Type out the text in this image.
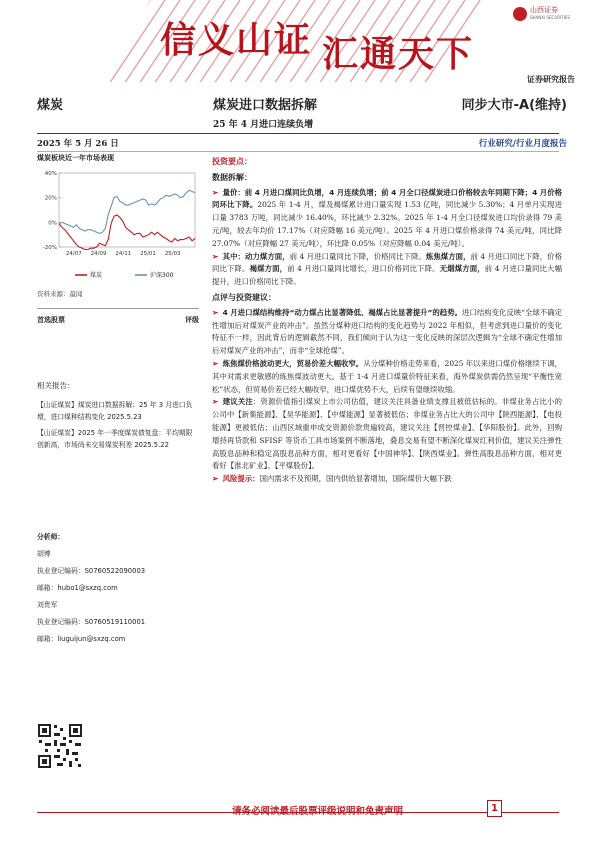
信义山证 汇通天下
山西证券
SHANXI SECURITIES
证券研究报告
煤炭	煤炭进口数据拆解	同步大市-A(维持)
25 年 4 月进口连续负增
2025 年 5 月 26 日	行业研究/行业月度报告
煤炭板块近一年市场表现
40%
20%
0%
-20%
24/07 24/09 24/11 25/01 25/03
煤炭	沪深300
资料来源：最闻
首选股票	评级
相关报告：
【山证煤炭】煤炭进口数据拆解：25 年 3 月进口负增，进口煤种结构变化 2025.5.23
【山证煤炭】2025 年一季度煤炭债复盘：平均期限创新高，市场尚未交易煤炭利差 2025.5.22
分析师：
胡博
执业登记编码：S0760522090003
邮箱：hubo1@sxzq.com
刘贵军
执业登记编码：S0760519110001
邮箱：liuguijun@sxzq.com
投资要点：
数据拆解：
➢ 量价：前 4 月进口煤同比负增，4 月连续负增；前 4 月全口径煤炭进口价格较去年同期下降；4 月价格同环比下降。2025 年 1-4 月，煤及褐煤累计进口量实现 1.53 亿吨，同比减少 5.30%；4 月单月实现进口量 3783 万吨，同比减少 16.40%，环比减少 2.32%。2025 年 1-4 月全口径煤炭进口均价录得 79 美元/吨，较去年均价 17.17%（对应降幅 16 美元/吨）。2025 年 4 月进口煤价格录得 74 美元/吨，同比降 27.07%（对应降幅 27 美元/吨），环比降 0.05%（对应降幅 0.04 美元/吨）。
➢ 其中：动力煤方面，前 4 月进口量同比下降，价格同比下降。炼焦煤方面，前 4 月进口同比下降，价格同比下降。褐煤方面，前 4 月进口量同比增长，进口价格同比下降。无烟煤方面，前 4 月进口量同比大幅提升，进口价格同比下降。
点评与投资建议：
➢ 4 月进口煤结构维持“动力煤占比显著降低、褐煤占比显著提升”的趋势。进口结构变化反映“全球不确定性增加后对煤炭产业的冲击”。虽然分煤种进口结构的变化趋势与 2022 年相似，但考虑到进口量价的变化特征不一样，因此背后的逻辑截然不同，我们倾向于认为这一变化反映的深层次逻辑为“全球不确定性增加后对煤炭产业的冲击”，而非“全球抢煤”。
➢ 炼焦煤价格波动更大，贸易价差大幅收窄。从分煤种价格走势来看，2025 年以来进口煤价格继续下调，其中对需求更敏感的炼焦煤波动更大。基于 1-4 月进口煤量价特征来看，海外煤炭供需仍然呈现“平衡性宽松”状态，但贸易价差已经大幅收窄，进口煤优势不大，后续有望继续收缩。
➢ 建议关注：资源价值指引煤炭上市公司估值，建议关注具备业绩支撑且被低估标的。非煤业务占比小的公司中【新集能源】、【昊华能源】、【中煤能源】显著被低估；非煤业务占比大的公司中【陕西能源】、【电投能源】更被低估；山西区域重申成交资源价款贵遍较高，建议关注【晋控煤业】、【华阳股份】。此外，回购增持再贷款和 SFISF 等货币工具市场案例不断落地，叠息交易有望不断深化煤炭红利价值，建议关注弹性高股息品种和稳定高股息品种方面，相对更看好【中国神华】、【陕西煤业】。弹性高股息品种方面，相对更看好【淮北矿业】、【平煤股份】。
➢ 风险提示：国内需求不及预期，国内供给显著增加，国际煤价大幅下跌
请务必阅读最后股票评级说明和免责声明	1
